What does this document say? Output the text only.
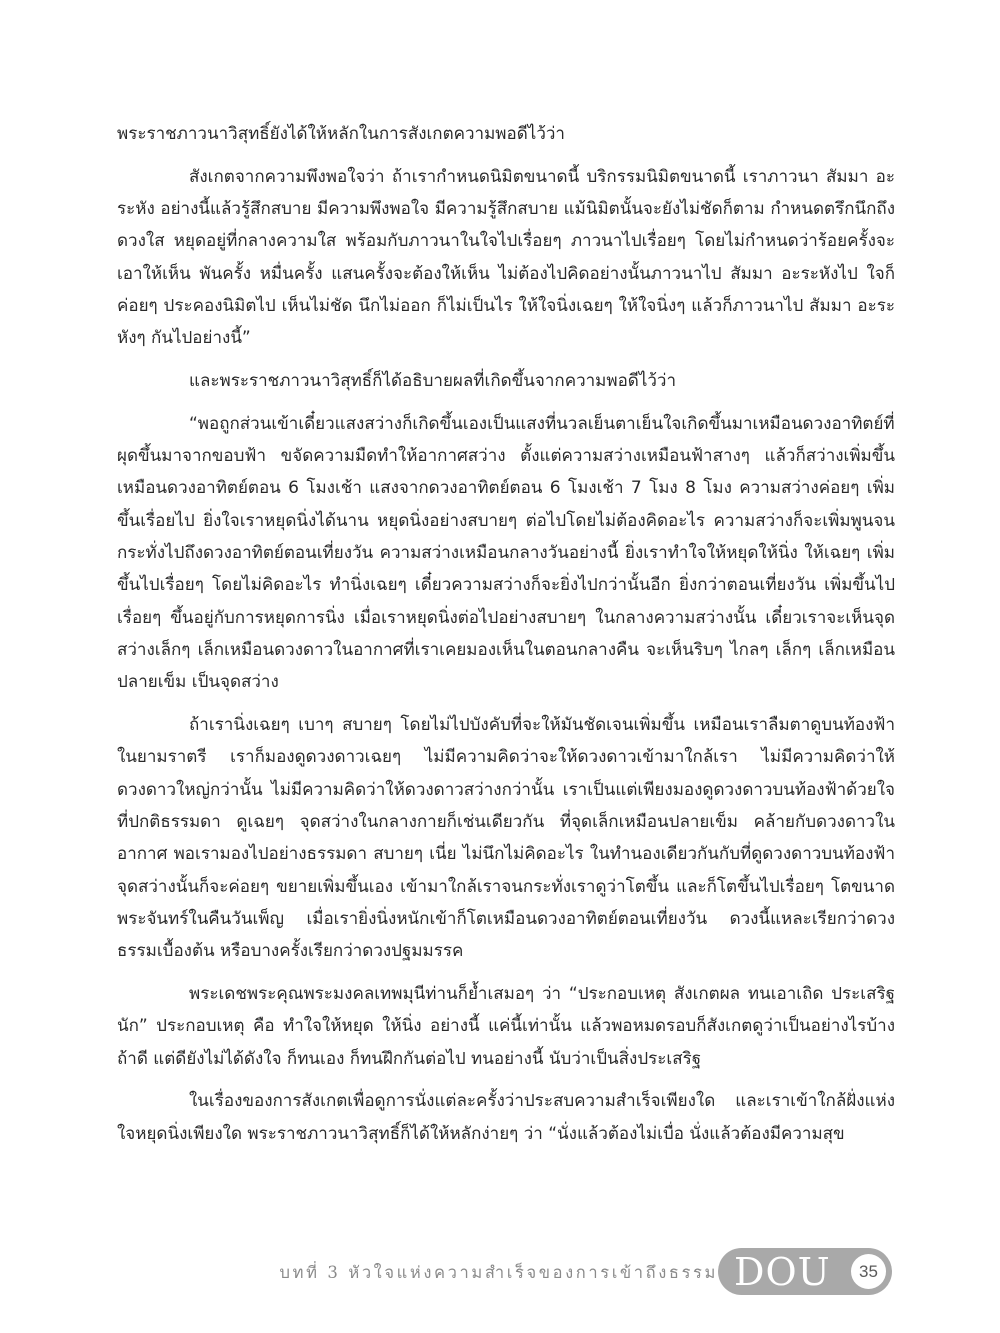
พระราชภาวนาวิสุทธิ์ยังได้ให้หลักในการสังเกตความพอดีไว้ว่า

สังเกตจากความพึงพอใจว่า ถ้าเรากำหนดนิมิตขนาดนี้ บริกรรมนิมิตขนาดนี้ เราภาวนา สัมมา อะระหัง อย่างนี้แล้วรู้สึกสบาย มีความพึงพอใจ มีความรู้สึกสบาย แม้นิมิตนั้นจะยังไม่ชัดก็ตาม กำหนดตรึกนึกถึงดวงใส หยุดอยู่ที่กลางความใส พร้อมกับภาวนาในใจไปเรื่อยๆ ภาวนาไปเรื่อยๆ โดยไม่กำหนดว่าร้อยครั้งจะเอาให้เห็น พันครั้ง หมื่นครั้ง แสนครั้งจะต้องให้เห็น ไม่ต้องไปคิดอย่างนั้นภาวนาไป สัมมา อะระหังไป ใจก็ค่อยๆ ประคองนิมิตไป เห็นไม่ชัด นึกไม่ออก ก็ไม่เป็นไร ให้ใจนิ่งเฉยๆ ให้ใจนิ่งๆ แล้วก็ภาวนาไป สัมมา อะระหังๆ กันไปอย่างนี้”

และพระราชภาวนาวิสุทธิ์ก็ได้อธิบายผลที่เกิดขึ้นจากความพอดีไว้ว่า

“พอถูกส่วนเข้าเดี๋ยวแสงสว่างก็เกิดขึ้นเองเป็นแสงที่นวลเย็นตาเย็นใจเกิดขึ้นมาเหมือนดวงอาทิตย์ที่ผุดขึ้นมาจากขอบฟ้า ขจัดความมืดทำให้อากาศสว่าง ตั้งแต่ความสว่างเหมือนฟ้าสางๆ แล้วก็สว่างเพิ่มขึ้นเหมือนดวงอาทิตย์ตอน 6 โมงเช้า แสงจากดวงอาทิตย์ตอน 6 โมงเช้า 7 โมง 8 โมง ความสว่างค่อยๆ เพิ่มขึ้นเรื่อยไป ยิ่งใจเราหยุดนิ่งได้นาน หยุดนิ่งอย่างสบายๆ ต่อไปโดยไม่ต้องคิดอะไร ความสว่างก็จะเพิ่มพูนจนกระทั่งไปถึงดวงอาทิตย์ตอนเที่ยงวัน ความสว่างเหมือนกลางวันอย่างนี้ ยิ่งเราทำใจให้หยุดให้นิ่ง ให้เฉยๆ เพิ่มขึ้นไปเรื่อยๆ โดยไม่คิดอะไร ทำนิ่งเฉยๆ เดี๋ยวความสว่างก็จะยิ่งไปกว่านั้นอีก ยิ่งกว่าตอนเที่ยงวัน เพิ่มขึ้นไปเรื่อยๆ ขึ้นอยู่กับการหยุดการนิ่ง เมื่อเราหยุดนิ่งต่อไปอย่างสบายๆ ในกลางความสว่างนั้น เดี๋ยวเราจะเห็นจุดสว่างเล็กๆ เล็กเหมือนดวงดาวในอากาศที่เราเคยมองเห็นในตอนกลางคืน จะเห็นริบๆ ไกลๆ เล็กๆ เล็กเหมือนปลายเข็ม เป็นจุดสว่าง

ถ้าเรานิ่งเฉยๆ เบาๆ สบายๆ โดยไม่ไปบังคับที่จะให้มันชัดเจนเพิ่มขึ้น เหมือนเราลืมตาดูบนท้องฟ้าในยามราตรี เราก็มองดูดวงดาวเฉยๆ ไม่มีความคิดว่าจะให้ดวงดาวเข้ามาใกล้เรา ไม่มีความคิดว่าให้ดวงดาวใหญ่กว่านั้น ไม่มีความคิดว่าให้ดวงดาวสว่างกว่านั้น เราเป็นแต่เพียงมองดูดวงดาวบนท้องฟ้าด้วยใจที่ปกติธรรมดา ดูเฉยๆ จุดสว่างในกลางกายก็เช่นเดียวกัน ที่จุดเล็กเหมือนปลายเข็ม คล้ายกับดวงดาวในอากาศ พอเรามองไปอย่างธรรมดา สบายๆ เนี่ย ไม่นึกไม่คิดอะไร ในทำนองเดียวกันกับที่ดูดวงดาวบนท้องฟ้า จุดสว่างนั้นก็จะค่อยๆ ขยายเพิ่มขึ้นเอง เข้ามาใกล้เราจนกระทั่งเราดูว่าโตขึ้น และก็โตขึ้นไปเรื่อยๆ โตขนาดพระจันทร์ในคืนวันเพ็ญ เมื่อเรายิ่งนิ่งหนักเข้าก็โตเหมือนดวงอาทิตย์ตอนเที่ยงวัน ดวงนี้แหละเรียกว่าดวงธรรมเบื้องต้น หรือบางครั้งเรียกว่าดวงปฐมมรรค

พระเดชพระคุณพระมงคลเทพมุนีท่านก็ย้ำเสมอๆ ว่า “ประกอบเหตุ สังเกตผล ทนเอาเถิด ประเสริฐนัก” ประกอบเหตุ คือ ทำใจให้หยุด ให้นิ่ง อย่างนี้ แค่นี้เท่านั้น แล้วพอหมดรอบก็สังเกตดูว่าเป็นอย่างไรบ้าง ถ้าดี แต่ดียังไม่ได้ดังใจ ก็ทนเอง ก็ทนฝึกกันต่อไป ทนอย่างนี้ นับว่าเป็นสิ่งประเสริฐ

ในเรื่องของการสังเกตเพื่อดูการนั่งแต่ละครั้งว่าประสบความสำเร็จเพียงใด และเราเข้าใกล้ฝั่งแห่งใจหยุดนิ่งเพียงใด พระราชภาวนาวิสุทธิ์ก็ได้ให้หลักง่ายๆ ว่า “นั่งแล้วต้องไม่เบื่อ นั่งแล้วต้องมีความสุข

บทที่ 3 หัวใจแห่งความสำเร็จของการเข้าถึงธรรม DOU	35
